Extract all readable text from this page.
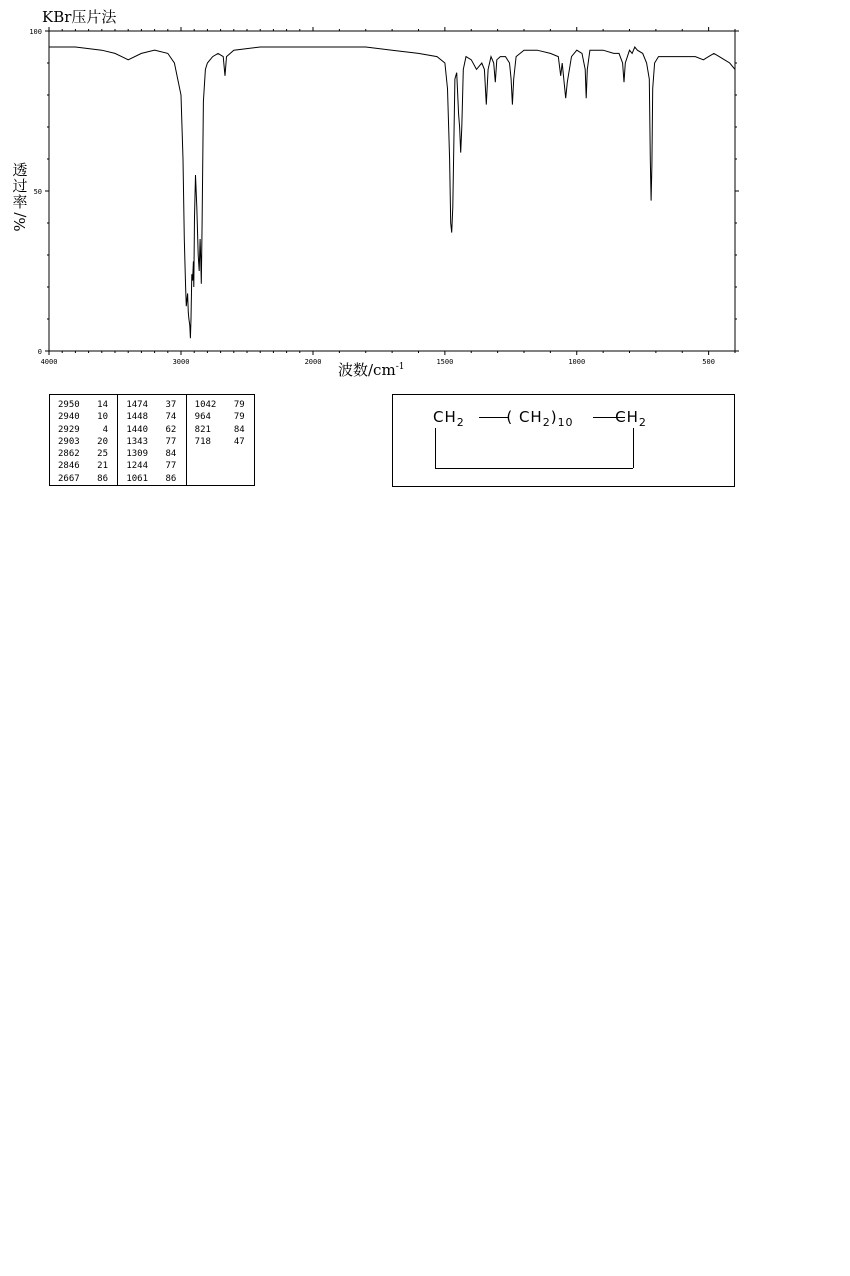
KBr压片法
4000	3000	2000	1500	1000	500
0
50
100
透过率
%/
波数$/cm^{-1}$
2950	14
2940	10
2929	4
2903	20
2862	25
2846	21
2667	86
1474	37
1448	74
1440	62
1343	77
1309	84
1244	77
1061	86
1042	79
964	79
821	84
718	47
$CH_2$	( $CH_2)_{10}$	$CH_2$
